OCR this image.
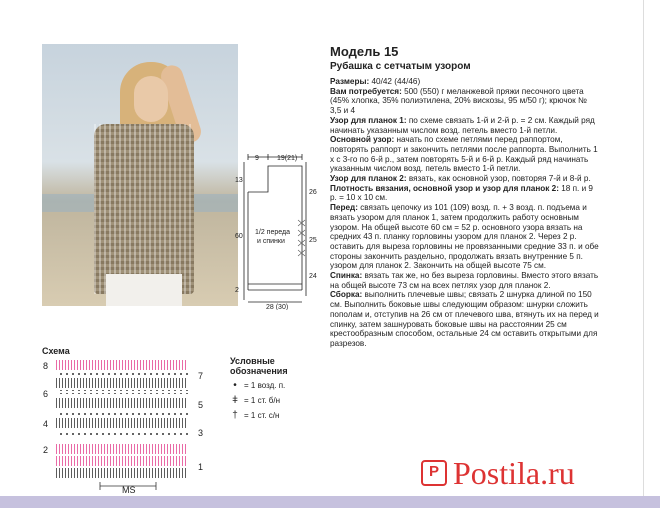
Модель 15
Рубашка с сетчатым узором

Размеры: 40/42 (44/46)

Вам потребуется: 500 (550) г меланжевой пряжи песочного цвета (45% хлопка, 35% полиэтилена, 20% вискозы, 95 м/50 г); крючок № 3,5 и 4

Узор для планок 1: по схеме связать 1-й и 2-й р. = 2 см. Каждый ряд начинать указанным числом возд. петель вместо 1-й петли.

Основной узор: начать по схеме петлями перед раппортом, повторять раппорт и закончить петлями после раппорта. Выполнить 1 х с 3-го по 6-й р., затем повторять 5-й и 6-й р. Каждый ряд начинать указанным числом возд. петель вместо 1-й петли.

Узор для планок 2: вязать, как основной узор, повторяя 7-й и 8-й р.

Плотность вязания, основной узор и узор для планок 2: 18 п. и 9 р. = 10 х 10 см.

Перед: связать цепочку из 101 (109) возд. п. + 3 возд. п. подъема и вязать узором для планок 1, затем продолжить работу основным узором. На общей высоте 60 см = 52 р. основного узора вязать на средних 43 п. планку горловины узором для планок 2. Через 2 р. оставить для выреза горловины не провязанными средние 33 п. и обе стороны закончить раздельно, продолжать вязать внутренние 5 п. узором для планок 2. Закончить на общей высоте 75 см.

Спинка: вязать так же, но без выреза горловины. Вместо этого вязать на общей высоте 73 см на всех петлях узор для планок 2.

Сборка: выполнить плечевые швы; связать 2 шнурка длиной по 150 см. Выполнить боковые швы следующим образом: шнурки сложить пополам и, отступив на 26 см от плечевого шва, втянуть их на перед и спинку, затем зашнуровать боковые швы на расстоянии 25 см крестообразным способом, остальные 24 см оставить открытыми для разрезов.

9	19(21)
13
60
2
26
25
24
1/2 переда
и спинки
28 (30)
Схема
8
6
4
2
7
5
3
1
MS
Условные
обозначения
• = 1 возд. п.
ǂ = 1 ст. б/н
† = 1 ст. с/н
P Postila.ru
